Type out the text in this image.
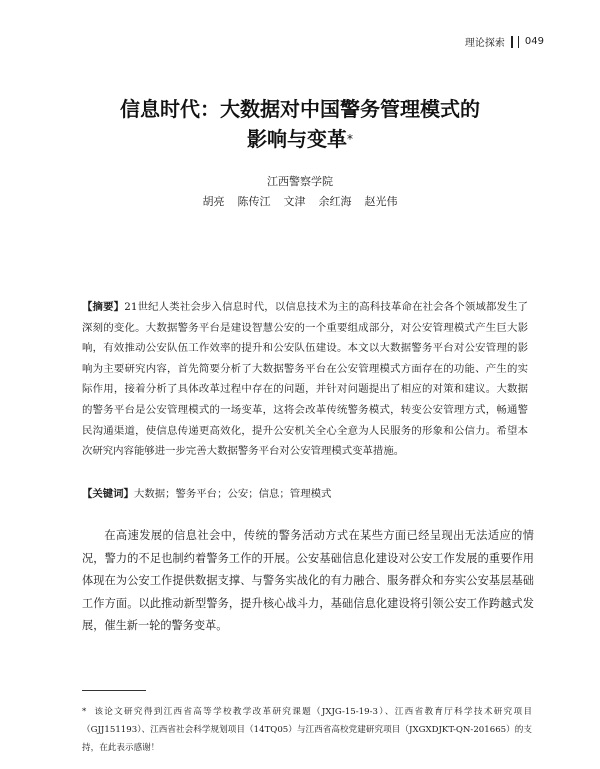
理论探索 049
信息时代：大数据对中国警务管理模式的
影响与变革*
江西警察学院
胡亮 陈传江 文津 余红海 赵光伟
【摘要】21世纪人类社会步入信息时代，以信息技术为主的高科技革命在社会各个领域都发生了深刻的变化。大数据警务平台是建设智慧公安的一个重要组成部分，对公安管理模式产生巨大影响，有效推动公安队伍工作效率的提升和公安队伍建设。本文以大数据警务平台对公安管理的影响为主要研究内容，首先简要分析了大数据警务平台在公安管理模式方面存在的功能、产生的实际作用，接着分析了具体改革过程中存在的问题，并针对问题提出了相应的对策和建议。大数据的警务平台是公安管理模式的一场变革，这将会改革传统警务模式，转变公安管理方式，畅通警民沟通渠道，使信息传递更高效化，提升公安机关全心全意为人民服务的形象和公信力。希望本次研究内容能够进一步完善大数据警务平台对公安管理模式变革措施。
【关键词】大数据；警务平台；公安；信息；管理模式
在高速发展的信息社会中，传统的警务活动方式在某些方面已经呈现出无法适应的情况，警力的不足也制约着警务工作的开展。公安基础信息化建设对公安工作发展的重要作用体现在为公安工作提供数据支撑、与警务实战化的有力融合、服务群众和夯实公安基层基础工作方面。以此推动新型警务，提升核心战斗力，基础信息化建设将引领公安工作跨越式发展，催生新一轮的警务变革。
* 该论文研究得到江西省高等学校教学改革研究课题（JXJG-15-19-3）、江西省教育厅科学技术研究项目（GJJ151193）、江西省社会科学规划项目（14TQ05）与江西省高校党建研究项目（JXGXDJKT-QN-201665）的支持，在此表示感谢！
